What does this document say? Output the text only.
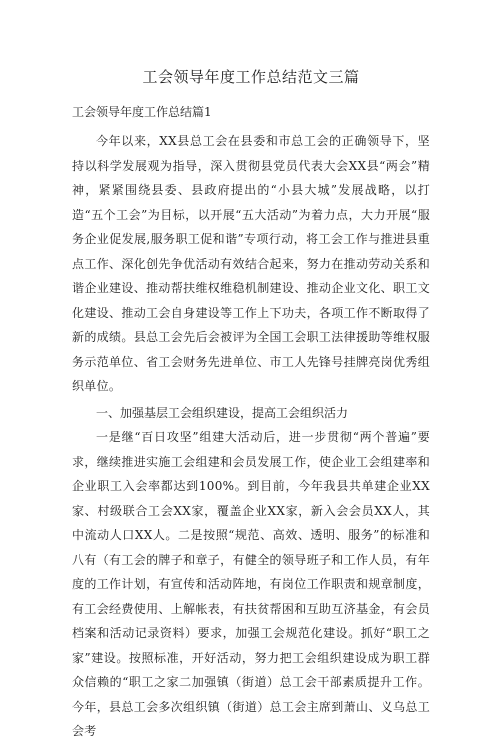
工会领导年度工作总结范文三篇
工会领导年度工作总结篇1

今年以来，XX县总工会在县委和市总工会的正确领导下，坚持以科学发展观为指导，深入贯彻县党员代表大会XX县“两会”精神，紧紧围绕县委、县政府提出的“小县大城”发展战略，以打造“五个工会”为目标，以开展“五大活动”为着力点，大力开展“服务企业促发展,服务职工促和谐”专项行动，将工会工作与推进县重点工作、深化创先争优活动有效结合起来，努力在推动劳动关系和谐企业建设、推动帮扶维权维稳机制建设、推动企业文化、职工文化建设、推动工会自身建设等工作上下功夫，各项工作不断取得了新的成绩。县总工会先后会被评为全国工会职工法律援助等维权服务示范单位、省工会财务先进单位、市工人先锋号挂牌亮岗优秀组织单位。

一、加强基层工会组织建设，提高工会组织活力

一是继“百日攻坚”组建大活动后，进一步贯彻“两个普遍”要求，继续推进实施工会组建和会员发展工作，使企业工会组建率和企业职工入会率都达到100%。到目前，今年我县共单建企业XX家、村级联合工会XX家，覆盖企业XX家，新入会会员XX人，其中流动人口XX人。二是按照“规范、高效、透明、服务”的标准和八有（有工会的牌子和章子，有健全的领导班子和工作人员，有年度的工作计划，有宣传和活动阵地，有岗位工作职责和规章制度，有工会经费使用、上解帐表，有扶贫帮困和互助互济基金，有会员档案和活动记录资料）要求，加强工会规范化建设。抓好“职工之家”建设。按照标准，开好活动，努力把工会组织建设成为职工群众信赖的“职工之家二加强镇（街道）总工会干部素质提升工作。今年，县总工会多次组织镇（街道）总工会主席到萧山、义乌总工会考
